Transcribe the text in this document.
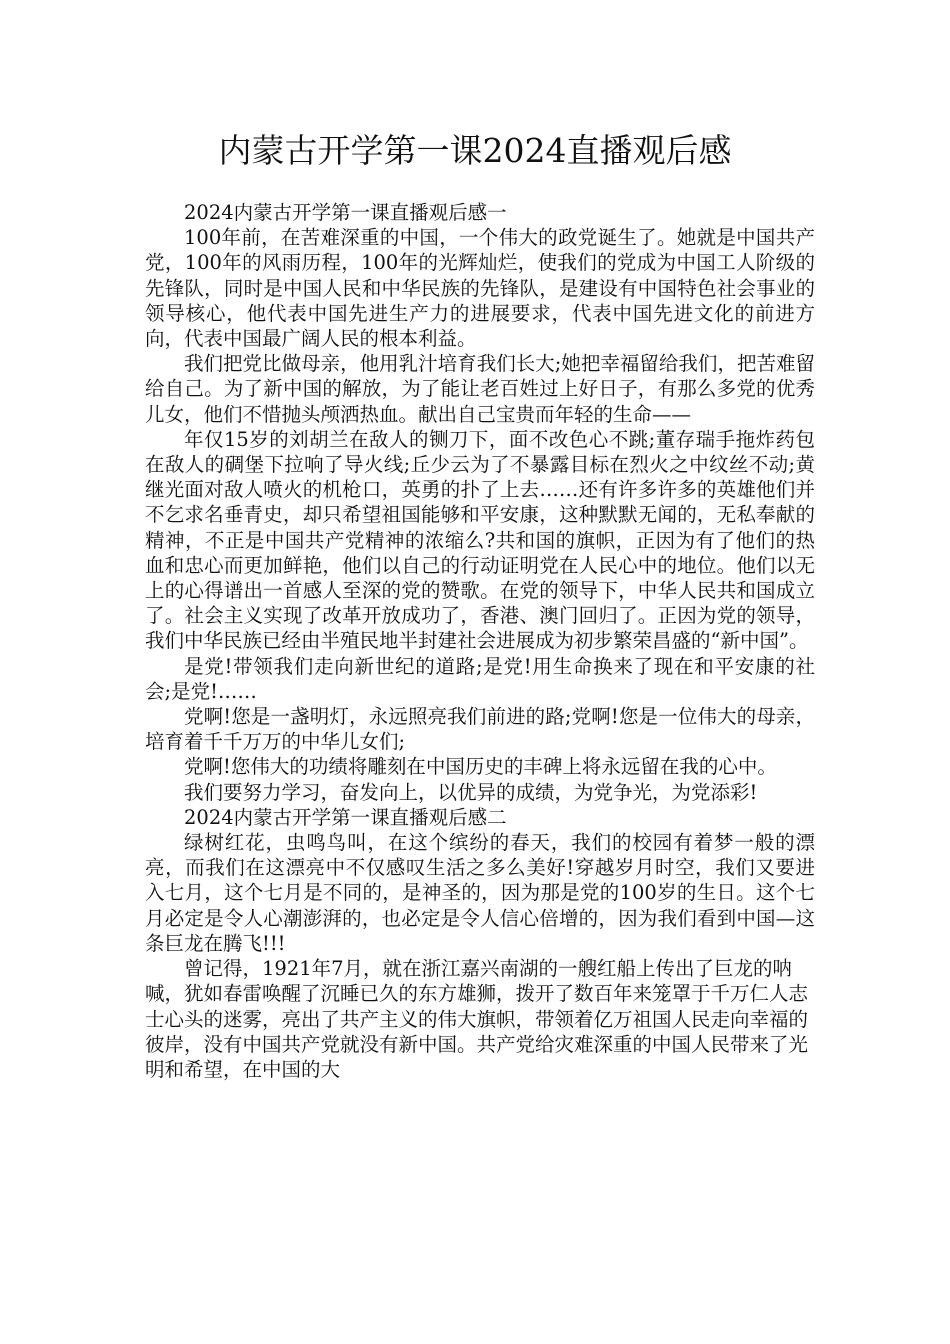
内蒙古开学第一课2024直播观后感

2024内蒙古开学第一课直播观后感一

100年前，在苦难深重的中国，一个伟大的政党诞生了。她就是中国共产党，100年的风雨历程，100年的光辉灿烂，使我们的党成为中国工人阶级的先锋队，同时是中国人民和中华民族的先锋队，是建设有中国特色社会事业的领导核心，他代表中国先进生产力的进展要求，代表中国先进文化的前进方向，代表中国最广阔人民的根本利益。

我们把党比做母亲，他用乳汁培育我们长大;她把幸福留给我们，把苦难留给自己。为了新中国的解放，为了能让老百姓过上好日子，有那么多党的优秀儿女，他们不惜抛头颅洒热血。献出自己宝贵而年轻的生命——

年仅15岁的刘胡兰在敌人的铡刀下，面不改色心不跳;董存瑞手拖炸药包在敌人的碉堡下拉响了导火线;丘少云为了不暴露目标在烈火之中纹丝不动;黄继光面对敌人喷火的机枪口，英勇的扑了上去……还有许多许多的英雄他们并不乞求名垂青史，却只希望祖国能够和平安康，这种默默无闻的，无私奉献的精神，不正是中国共产党精神的浓缩么?共和国的旗帜，正因为有了他们的热血和忠心而更加鲜艳，他们以自己的行动证明党在人民心中的地位。他们以无上的心得谱出一首感人至深的党的赞歌。在党的领导下，中华人民共和国成立了。社会主义实现了改革开放成功了，香港、澳门回归了。正因为党的领导，我们中华民族已经由半殖民地半封建社会进展成为初步繁荣昌盛的“新中国”。

是党!带领我们走向新世纪的道路;是党!用生命换来了现在和平安康的社会;是党!……

党啊!您是一盏明灯，永远照亮我们前进的路;党啊!您是一位伟大的母亲，培育着千千万万的中华儿女们;

党啊!您伟大的功绩将雕刻在中国历史的丰碑上将永远留在我的心中。

我们要努力学习，奋发向上，以优异的成绩，为党争光，为党添彩!

2024内蒙古开学第一课直播观后感二

绿树红花，虫鸣鸟叫，在这个缤纷的春天，我们的校园有着梦一般的漂亮，而我们在这漂亮中不仅感叹生活之多么美好!穿越岁月时空，我们又要进入七月，这个七月是不同的，是神圣的，因为那是党的100岁的生日。这个七月必定是令人心潮澎湃的，也必定是令人信心倍增的，因为我们看到中国—这条巨龙在腾飞!!!

曾记得，1921年7月，就在浙江嘉兴南湖的一艘红船上传出了巨龙的呐喊，犹如春雷唤醒了沉睡已久的东方雄狮，拨开了数百年来笼罩于千万仁人志士心头的迷雾，亮出了共产主义的伟大旗帜，带领着亿万祖国人民走向幸福的彼岸，没有中国共产党就没有新中国。共产党给灾难深重的中国人民带来了光明和希望，在中国的大
